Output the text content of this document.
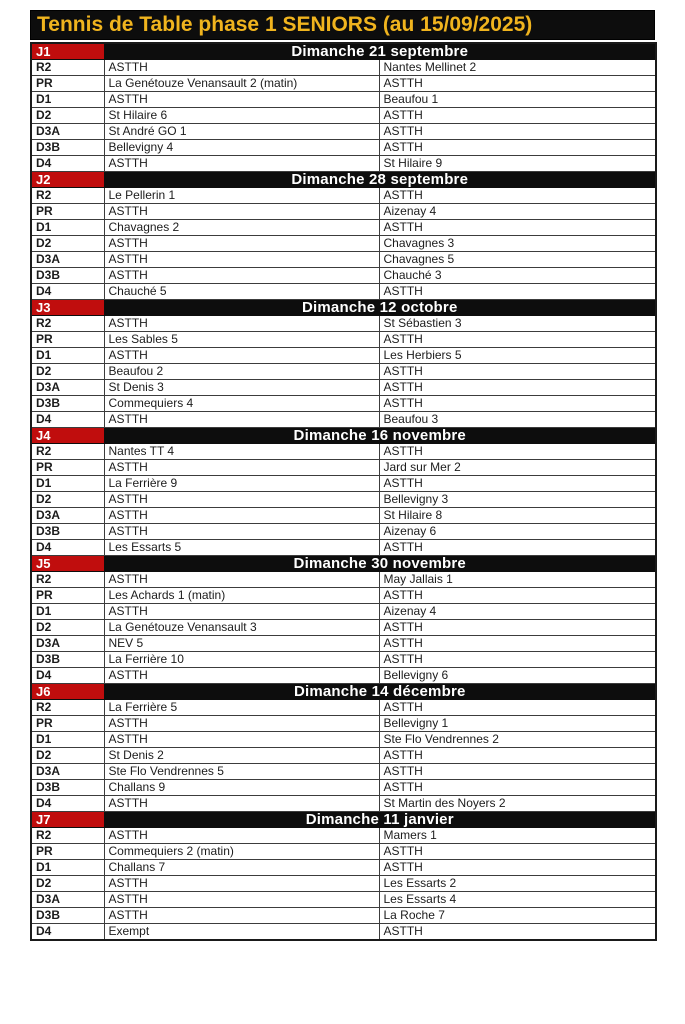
Tennis de Table phase 1 SENIORS (au 15/09/2025)
J1	Dimanche 21 septembre	
R2	ASTTH	Nantes Mellinet 2
PR	La Genétouze Venansault 2 (matin)	ASTTH
D1	ASTTH	Beaufou 1
D2	St Hilaire 6	ASTTH
D3A	St André GO 1	ASTTH
D3B	Bellevigny 4	ASTTH
D4	ASTTH	St Hilaire 9
J2	Dimanche 28 septembre	
R2	Le Pellerin 1	ASTTH
PR	ASTTH	Aizenay 4
D1	Chavagnes 2	ASTTH
D2	ASTTH	Chavagnes 3
D3A	ASTTH	Chavagnes 5
D3B	ASTTH	Chauché 3
D4	Chauché 5	ASTTH
J3	Dimanche 12 octobre	
R2	ASTTH	St Sébastien 3
PR	Les Sables 5	ASTTH
D1	ASTTH	Les Herbiers 5
D2	Beaufou 2	ASTTH
D3A	St Denis 3	ASTTH
D3B	Commequiers 4	ASTTH
D4	ASTTH	Beaufou 3
J4	Dimanche 16 novembre	
R2	Nantes TT 4	ASTTH
PR	ASTTH	Jard sur Mer 2
D1	La Ferrière 9	ASTTH
D2	ASTTH	Bellevigny 3
D3A	ASTTH	St Hilaire 8
D3B	ASTTH	Aizenay 6
D4	Les Essarts 5	ASTTH
J5	Dimanche 30 novembre	
R2	ASTTH	May Jallais 1
PR	Les Achards 1 (matin)	ASTTH
D1	ASTTH	Aizenay 4
D2	La Genétouze Venansault 3	ASTTH
D3A	NEV 5	ASTTH
D3B	La Ferrière 10	ASTTH
D4	ASTTH	Bellevigny 6
J6	Dimanche 14 décembre	
R2	La Ferrière 5	ASTTH
PR	ASTTH	Bellevigny 1
D1	ASTTH	Ste Flo Vendrennes 2
D2	St Denis 2	ASTTH
D3A	Ste Flo Vendrennes 5	ASTTH
D3B	Challans 9	ASTTH
D4	ASTTH	St Martin des Noyers 2
J7	Dimanche 11 janvier	
R2	ASTTH	Mamers 1
PR	Commequiers 2 (matin)	ASTTH
D1	Challans 7	ASTTH
D2	ASTTH	Les Essarts 2
D3A	ASTTH	Les Essarts 4
D3B	ASTTH	La Roche 7
D4	Exempt	ASTTH
